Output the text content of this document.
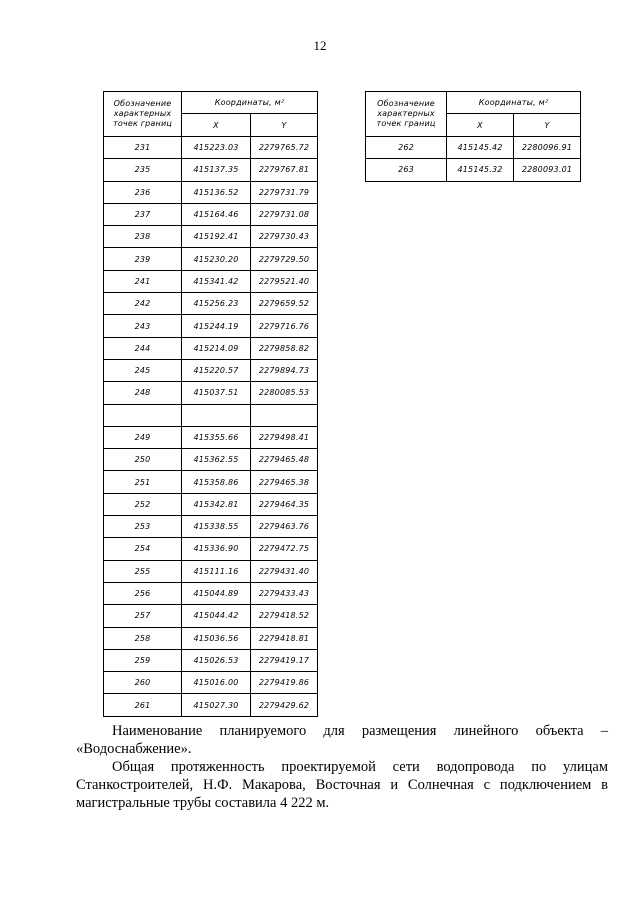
12
Обозначение
характерных
точек границ	Координаты, м²	
	X	Y
231	415223.03	2279765.72
235	415137.35	2279767.81
236	415136.52	2279731.79
237	415164.46	2279731.08
238	415192.41	2279730.43
239	415230.20	2279729.50
241	415341.42	2279521.40
242	415256.23	2279659.52
243	415244.19	2279716.76
244	415214.09	2279858.82
245	415220.57	2279894.73
248	415037.51	2280085.53

249	415355.66	2279498.41
250	415362.55	2279465.48
251	415358.86	2279465.38
252	415342.81	2279464.35
253	415338.55	2279463.76
254	415336.90	2279472.75
255	415111.16	2279431.40
256	415044.89	2279433.43
257	415044.42	2279418.52
258	415036.56	2279418.81
259	415026.53	2279419.17
260	415016.00	2279419.86
261	415027.30	2279429.62
Обозначение
характерных
точек границ	Координаты, м²	
	X	Y
262	415145.42	2280096.91
263	415145.32	2280093.01

Наименование планируемого для размещения линейного объекта – «Водоснабжение».

Общая протяженность проектируемой сети водопровода по улицам Станкостроителей, Н.Ф. Макарова, Восточная и Солнечная с подключением в магистральные трубы составила 4 222 м.
